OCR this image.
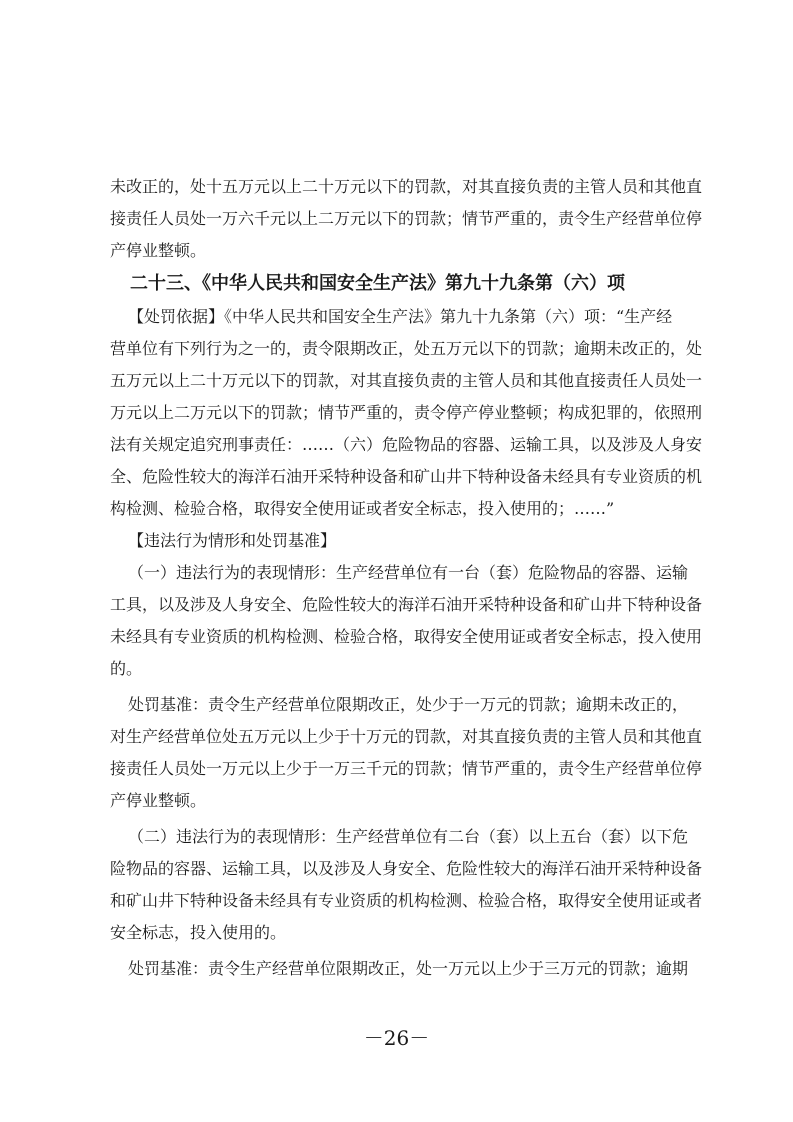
未改正的，处十五万元以上二十万元以下的罚款，对其直接负责的主管人员和其他直
接责任人员处一万六千元以上二万元以下的罚款；情节严重的，责令生产经营单位停
产停业整顿。
二十三、《中华人民共和国安全生产法》第九十九条第（六）项
【处罚依据】《中华人民共和国安全生产法》第九十九条第（六）项：“生产经
营单位有下列行为之一的，责令限期改正，处五万元以下的罚款；逾期未改正的，处
五万元以上二十万元以下的罚款，对其直接负责的主管人员和其他直接责任人员处一
万元以上二万元以下的罚款；情节严重的，责令停产停业整顿；构成犯罪的，依照刑
法有关规定追究刑事责任：……（六）危险物品的容器、运输工具，以及涉及人身安
全、危险性较大的海洋石油开采特种设备和矿山井下特种设备未经具有专业资质的机
构检测、检验合格，取得安全使用证或者安全标志，投入使用的；……”
【违法行为情形和处罚基准】
（一）违法行为的表现情形：生产经营单位有一台（套）危险物品的容器、运输
工具，以及涉及人身安全、危险性较大的海洋石油开采特种设备和矿山井下特种设备
未经具有专业资质的机构检测、检验合格，取得安全使用证或者安全标志，投入使用
的。
处罚基准：责令生产经营单位限期改正，处少于一万元的罚款；逾期未改正的，
对生产经营单位处五万元以上少于十万元的罚款，对其直接负责的主管人员和其他直
接责任人员处一万元以上少于一万三千元的罚款；情节严重的，责令生产经营单位停
产停业整顿。
（二）违法行为的表现情形：生产经营单位有二台（套）以上五台（套）以下危
险物品的容器、运输工具，以及涉及人身安全、危险性较大的海洋石油开采特种设备
和矿山井下特种设备未经具有专业资质的机构检测、检验合格，取得安全使用证或者
安全标志，投入使用的。
处罚基准：责令生产经营单位限期改正，处一万元以上少于三万元的罚款；逾期
－26－
